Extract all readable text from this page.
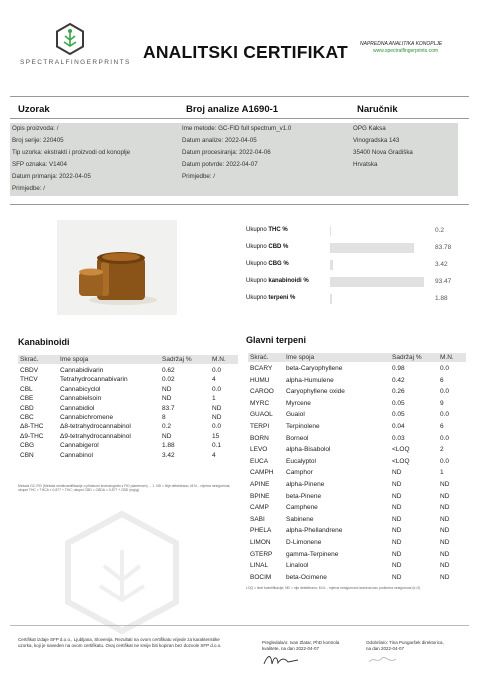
SPECTRALFINGERPRINTS
ANALITSKI CERTIFIKAT NAPREDNA ANALITIKA KONOPLJE
www.spectralfingerprints.com
Uzorak	Broj analize A1690-1	Naručnik
Opis proizvoda: /
Broj serije: 220405
Tip uzorka: ekstrakti i proizvodi od konoplje
SFP oznaka: V1404
Datum primanja: 2022-04-05
Primjedbe: /
Ime metode: GC-FID full spectrum_v1.0
Datum analize: 2022-04-05
Datum procesiranja: 2022-04-06
Datum potvrde: 2022-04-07
Primjedbe: /
OPG Kaksa
Vinogradska 143
35400 Nova Gradiška
Hrvatska
Ukupno THC %	0.2
Ukupno CBD %	83.78
Ukupno CBG %	3.42
Ukupno kanabinoidi %	93.47
Ukupno terpeni %	1.88
Kanabinoidi
Skrać.	Ime spoja	Sadržaj %	M.N.
CBDV	Cannabidivarin	0.62	0.0
THCV	Tetrahydrocannabivarin	0.02	4
CBL	Cannabicyclol	ND	0.0
CBE	Cannabielsoin	ND	1
CBD	Cannabidiol	83.7	ND
CBC	Cannabichromene	8	ND
Δ8-THC	Δ8-tetrahydrocannabinol	0.2	0.0
Δ9-THC	Δ9-tetrahydrocannabinol	ND	15
CBG	Cannabigerol	1.88	0.1
CBN	Cannabinol	3.42	4
Metoda GC-FID (Metoda semikvantifikacije u plinskom kromatografu s FID plamenom) ... 1. ND = Nije detektirano; M.N. - mjerna nesigurnost; ukupni THC = THCA × 0.877 + THC; ukupni CBD = CBDA × 0.877 + CBD (mg/g)
Glavni terpeni
Skrać.	Ime spoja	Sadržaj %	M.N.
BCARY beta-Caryophyllene	0.98	0.0
HUMU	alpha-Humulene	0.42	6
CAROO Caryophyllene oxide	0.26	0.0
MYRC	Myrcene	0.05	9
GUAOL Guaiol	0.05	0.0
TERPI	Terpinolene	0.04	6
BORN	Borneol	0.03	0.0
LEVO	alpha-Bisabolol	<LOQ	2
EUCA	Eucalyptol	<LOQ	0.0
CAMPH Camphor	ND	1
APINE	alpha-Pinene	ND	ND
BPINE	beta-Pinene	ND	ND
CAMP	Camphene	ND	ND
SABI	Sabinene	ND	ND
PHELA alpha-Phellandrene	ND	ND
LIMON D-Limonene	ND	ND
GTERP gamma-Terpinene	ND	ND
LINAL	Linalool	ND	ND
BOCIM beta-Ocimene	ND	ND
LOQ = limit kvantifikacije; ND = nije detektirano; M.N. - mjerna nesigurnost izražena kao proširena nesigurnost (k=2)
Certifikat izdaje SFP d.o.o., Ljubljana, Slovenija. Rezultati na ovom certifikatu vrijede za karakteristike uzorka, koji je naveden na ovom certifikatu. Ovaj certifikat ne smije biti kopiran bez dozvole SFP d.o.o.	Pregledala/o: Ivan Zlatar, PhD kontrola
kvalitete, na dan 2022-04-07
Odobrila/o: Tina Pungaršek direktorica,
na dan 2022-04-07
